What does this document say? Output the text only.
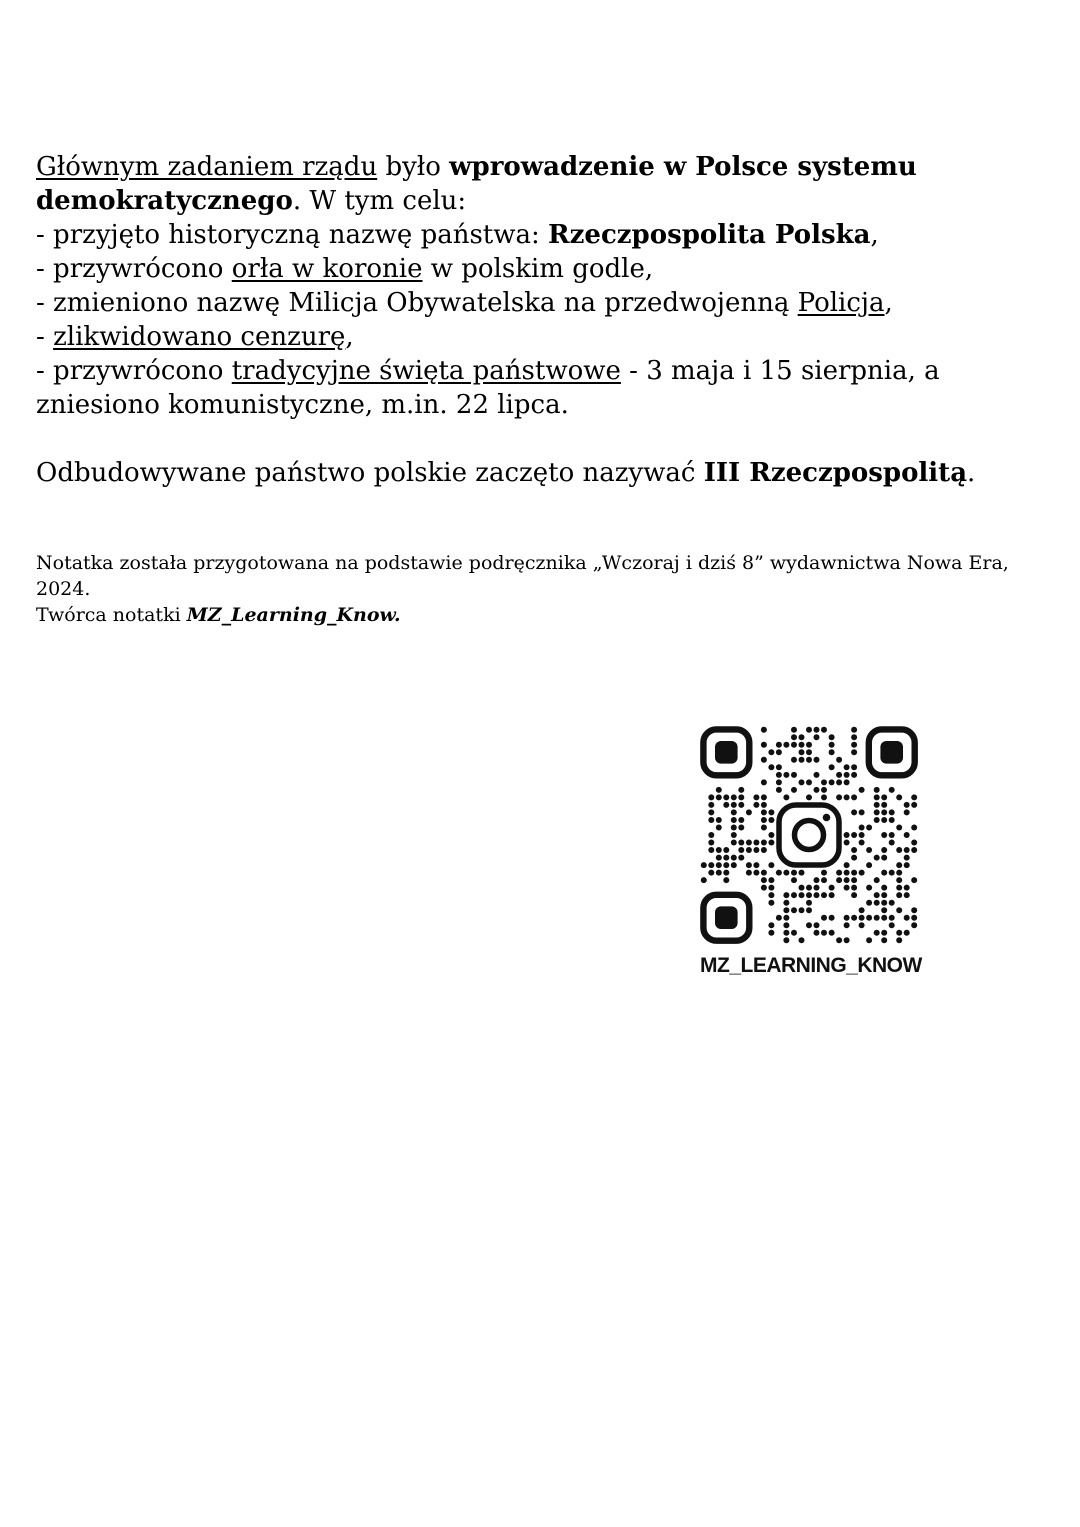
Głównym zadaniem rządu było wprowadzenie w Polsce systemu demokratycznego. W tym celu:

- przyjęto historyczną nazwę państwa: Rzeczpospolita Polska,

- przywrócono orła w koronie w polskim godle,

- zmieniono nazwę Milicja Obywatelska na przedwojenną Policja,

- zlikwidowano cenzurę,

- przywrócono tradycyjne święta państwowe - 3 maja i 15 sierpnia, a zniesiono komunistyczne, m.in. 22 lipca.

Odbudowywane państwo polskie zaczęto nazywać III Rzeczpospolitą.

Notatka została przygotowana na podstawie podręcznika „Wczoraj i dziś 8” wydawnictwa Nowa Era, 2024.

Twórca notatki MZ_Learning_Know.

MZ_LEARNING_KNOW
